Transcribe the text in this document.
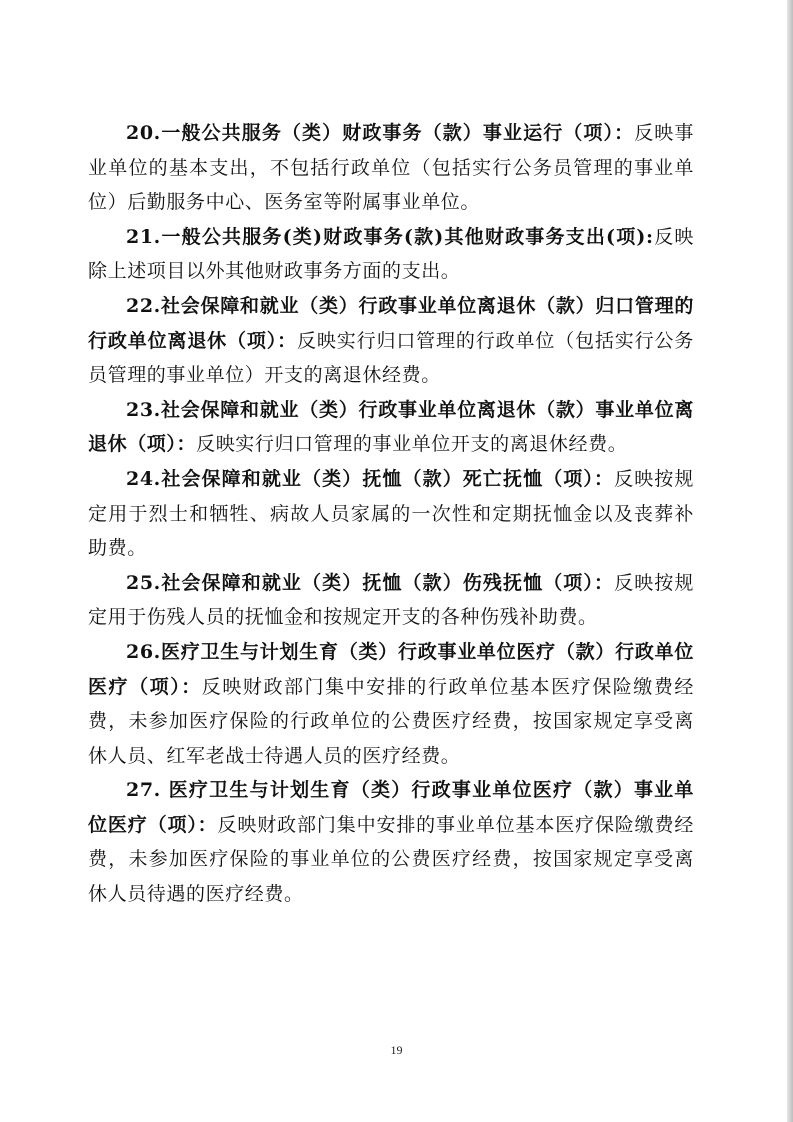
20.一般公共服务（类）财政事务（款）事业运行（项）：反映事业单位的基本支出，不包括行政单位（包括实行公务员管理的事业单位）后勤服务中心、医务室等附属事业单位。

21.一般公共服务(类)财政事务(款)其他财政事务支出(项):反映除上述项目以外其他财政事务方面的支出。

22.社会保障和就业（类）行政事业单位离退休（款）归口管理的行政单位离退休（项）：反映实行归口管理的行政单位（包括实行公务员管理的事业单位）开支的离退休经费。

23.社会保障和就业（类）行政事业单位离退休（款）事业单位离退休（项）：反映实行归口管理的事业单位开支的离退休经费。

24.社会保障和就业（类）抚恤（款）死亡抚恤（项）：反映按规定用于烈士和牺牲、病故人员家属的一次性和定期抚恤金以及丧葬补助费。

25.社会保障和就业（类）抚恤（款）伤残抚恤（项）：反映按规定用于伤残人员的抚恤金和按规定开支的各种伤残补助费。

26.医疗卫生与计划生育（类）行政事业单位医疗（款）行政单位医疗（项）：反映财政部门集中安排的行政单位基本医疗保险缴费经费，未参加医疗保险的行政单位的公费医疗经费，按国家规定享受离休人员、红军老战士待遇人员的医疗经费。

27. 医疗卫生与计划生育（类）行政事业单位医疗（款）事业单位医疗（项）：反映财政部门集中安排的事业单位基本医疗保险缴费经费，未参加医疗保险的事业单位的公费医疗经费，按国家规定享受离休人员待遇的医疗经费。

19
